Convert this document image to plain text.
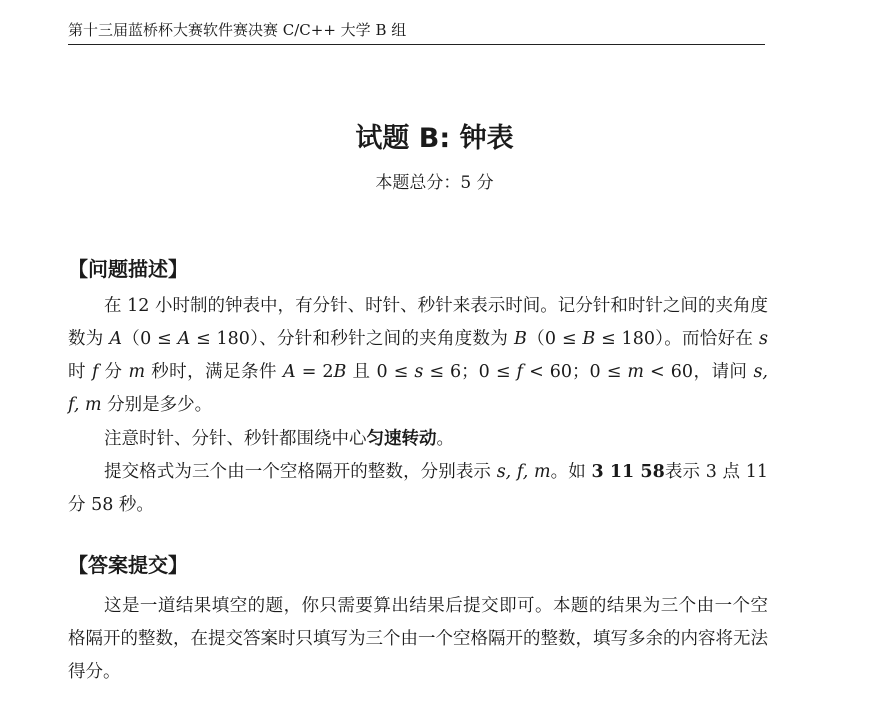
第十三届蓝桥杯大赛软件赛决赛 C/C++ 大学 B 组
试题 B: 钟表
本题总分：5 分
【问题描述】

在 12 小时制的钟表中，有分针、时针、秒针来表示时间。记分针和时针之间的夹角度数为 A（0 ≤ A ≤ 180）、分针和秒针之间的夹角度数为 B（0 ≤ B ≤ 180）。而恰好在 s 时 f 分 m 秒时，满足条件 A = 2B 且 0 ≤ s ≤ 6；0 ≤ f < 60；0 ≤ m < 60，请问 s, f, m 分别是多少。

注意时针、分针、秒针都围绕中心匀速转动。

提交格式为三个由一个空格隔开的整数，分别表示 s, f, m。如 3 11 58表示 3 点 11 分 58 秒。

【答案提交】

这是一道结果填空的题，你只需要算出结果后提交即可。本题的结果为三个由一个空格隔开的整数，在提交答案时只填写为三个由一个空格隔开的整数，填写多余的内容将无法得分。
